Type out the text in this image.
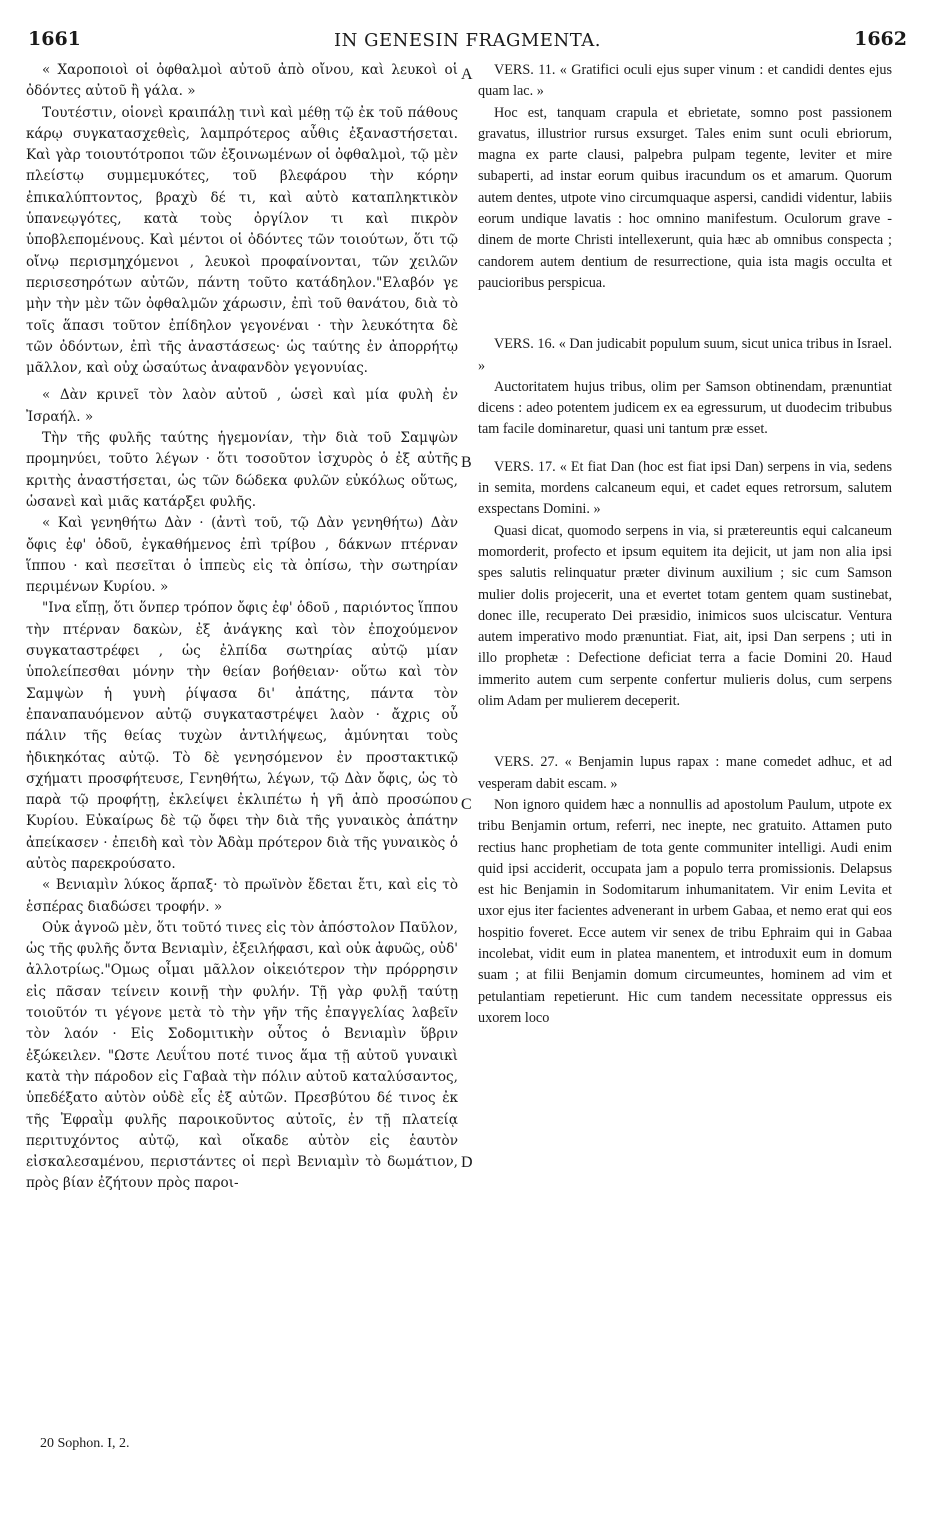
1661	IN GENESIN FRAGMENTA.	1662

« Χαροποιοὶ οἱ ὀφθαλμοὶ αὐτοῦ ἀπὸ οἴνου, καὶ λευκοὶ οἱ ὀδόντες αὐτοῦ ἢ γάλα. »

Τουτέστιν, οἱονεὶ κραιπάλῃ τινὶ καὶ μέθῃ τῷ ἐκ τοῦ πάθους κάρῳ συγκατασχεθεὶς, λαμπρότερος αὖθις ἐξαναστήσεται. Καὶ γὰρ τοιουτότροποι τῶν ἐξοινωμένων οἱ ὀφθαλμοὶ, τῷ μὲν πλείστῳ συμμεμυκότες, τοῦ βλεφάρου τὴν κόρην ἐπικαλύπτοντος, βραχὺ δέ τι, καὶ αὐτὸ καταπληκτικὸν ὑπανεῳγότες, κατὰ τοὺς ὀργίλον τι καὶ πικρὸν ὑποβλεπομένους. Καὶ μέντοι οἱ ὀδόντες τῶν τοιούτων, ὅτι τῷ οἴνῳ περισμηχόμενοι , λευκοὶ προφαίνονται, τῶν χειλῶν περισεσηρότων αὐτῶν, πάντη τοῦτο κατάδηλον."Ελαβόν γε μὴν τὴν μὲν τῶν ὀφθαλμῶν χάρωσιν, ἐπὶ τοῦ θανάτου, διὰ τὸ τοῖς ἅπασι τοῦτον ἐπίδηλον γεγονέναι · τὴν λευκότητα δὲ τῶν ὀδόντων, ἐπὶ τῆς ἀναστάσεως· ὡς ταύτης ἐν ἀπορρήτῳ μᾶλλον, καὶ οὐχ ὡσαύτως ἀναφανδὸν γεγονυίας.

« Δὰν κρινεῖ τὸν λαὸν αὐτοῦ , ὡσεὶ καὶ μία φυλὴ ἐν Ἰσραήλ. »

Τὴν τῆς φυλῆς ταύτης ἡγεμονίαν, τὴν διὰ τοῦ Σαμψὼν προμηνύει, τοῦτο λέγων · ὅτι τοσοῦτον ἰσχυρὸς ὁ ἐξ αὐτῆς κριτὴς ἀναστήσεται, ὡς τῶν δώδεκα φυλῶν εὐκόλως οὕτως, ὡσανεὶ καὶ μιᾶς κατάρξει φυλῆς.

« Καὶ γενηθήτω Δὰν · (ἀντὶ τοῦ, τῷ Δὰν γενηθήτω) Δὰν ὄφις ἐφ' ὁδοῦ, ἐγκαθήμενος ἐπὶ τρίβου , δάκνων πτέρναν ἵππου · καὶ πεσεῖται ὁ ἱππεὺς εἰς τὰ ὀπίσω, τὴν σωτηρίαν περιμένων Κυρίου. »

"Ινα εἴπῃ, ὅτι ὅνπερ τρόπον ὄφις ἐφ' ὁδοῦ , παριόντος ἵππου τὴν πτέρναν δακὼν, ἐξ ἀνάγκης καὶ τὸν ἐποχούμενον συγκαταστρέφει , ὡς ἐλπίδα σωτηρίας αὐτῷ μίαν ὑπολείπεσθαι μόνην τὴν θείαν βοήθειαν· οὕτω καὶ τὸν Σαμψὼν ἡ γυνὴ ῥίψασα δι' ἀπάτης, πάντα τὸν ἐπαναπαυόμενον αὐτῷ συγκαταστρέψει λαὸν · ἄχρις οὗ πάλιν τῆς θείας τυχὼν ἀντιλήψεως, ἀμύνηται τοὺς ἠδικηκότας αὐτῷ. Τὸ δὲ γενησόμενον ἐν προστακτικῷ σχήματι προσφήτευσε, Γενηθήτω, λέγων, τῷ Δὰν ὄφις, ὡς τὸ παρὰ τῷ προφήτῃ, ἐκλείψει ἐκλιπέτω ἡ γῆ ἀπὸ προσώπου Κυρίου. Εὐκαίρως δὲ τῷ ὄφει τὴν διὰ τῆς γυναικὸς ἀπάτην ἀπείκασεν · ἐπειδὴ καὶ τὸν Ἀδὰμ πρότερον διὰ τῆς γυναικὸς ὁ αὐτὸς παρεκρούσατο.

« Βενιαμὶν λύκος ἅρπαξ· τὸ πρωϊνὸν ἔδεται ἔτι, καὶ εἰς τὸ ἑσπέρας διαδώσει τροφήν. »

Οὐκ ἀγνοῶ μὲν, ὅτι τοῦτό τινες εἰς τὸν ἀπόστολον Παῦλον, ὡς τῆς φυλῆς ὄντα Βενιαμὶν, ἐξειλήφασι, καὶ οὐκ ἀφυῶς, οὐδ' ἀλλοτρίως."Ομως οἶμαι μᾶλλον οἰκειότερον τὴν πρόρρησιν εἰς πᾶσαν τείνειν κοινῇ τὴν φυλήν. Τῇ γὰρ φυλῇ ταύτῃ τοιοῦτόν τι γέγονε μετὰ τὸ τὴν γῆν τῆς ἐπαγγελίας λαβεῖν τὸν λαόν · Εἰς Σοδομιτικὴν οὗτος ὁ Βενιαμὶν ὕβριν ἐξώκειλεν. "Ωστε Λευΐτου ποτέ τινος ἅμα τῇ αὐτοῦ γυναικὶ κατὰ τὴν πάροδον εἰς Γαβαὰ τὴν πόλιν αὐτοῦ καταλύσαντος, ὑπεδέξατο αὐτὸν οὐδὲ εἷς ἐξ αὐτῶν. Πρεσβύτου δέ τινος ἐκ τῆς Ἐφραῒμ φυλῆς παροικοῦντος αὐτοῖς, ἐν τῇ πλατείᾳ περιτυχόντος αὐτῷ, καὶ οἴκαδε αὐτὸν εἰς ἑαυτὸν εἰσκαλεσαμένου, περιστάντες οἱ περὶ Βενιαμὶν τὸ δωμάτιον, πρὸς βίαν ἐζήτουν πρὸς παροι-

VERS. 11. « Gratifici oculi ejus super vinum : et candidi dentes ejus quam lac. »

Hoc est, tanquam crapula et ebrietate, somno post passionem gravatus, illustrior rursus exsurget. Tales enim sunt oculi ebriorum, magna ex parte clausi, palpebra pulpam tegente, leviter et mire subaperti, ad instar eorum quibus iracundum os et amarum. Quorum autem dentes, utpote vino circumquaque aspersi, candidi videntur, labiis eorum undique lavatis : hoc omnino manifestum. Oculorum grave - dinem de morte Christi intellexerunt, quia hæc ab omnibus conspecta ; candorem autem dentium de resurrectione, quia ista magis occulta et paucioribus perspicua.

VERS. 16. « Dan judicabit populum suum, sicut unica tribus in Israel. »

Auctoritatem hujus tribus, olim per Samson obtinendam, prænuntiat dicens : adeo potentem judicem ex ea egressurum, ut duodecim tribubus tam facile dominaretur, quasi uni tantum præ esset.

VERS. 17. « Et fiat Dan (hoc est fiat ipsi Dan) serpens in via, sedens in semita, mordens calcaneum equi, et cadet eques retrorsum, salutem exspectans Domini. »

Quasi dicat, quomodo serpens in via, si prætereuntis equi calcaneum momorderit, profecto et ipsum equitem ita dejicit, ut jam non alia ipsi spes salutis relinquatur præter divinum auxilium ; sic cum Samson mulier dolis projecerit, una et evertet totam gentem quam sustinebat, donec ille, recuperato Dei præsidio, inimicos suos ulciscatur. Ventura autem imperativo modo prænuntiat. Fiat, ait, ipsi Dan serpens ; uti in illo prophetæ : Defectione deficiat terra a facie Domini 20. Haud immerito autem cum serpente confertur mulieris dolus, cum serpens olim Adam per mulierem deceperit.

VERS. 27. « Benjamin lupus rapax : mane comedet adhuc, et ad vesperam dabit escam. »

Non ignoro quidem hæc a nonnullis ad apostolum Paulum, utpote ex tribu Benjamin ortum, referri, nec inepte, nec gratuito. Attamen puto rectius hanc prophetiam de tota gente communiter intelligi. Audi enim quid ipsi acciderit, occupata jam a populo terra promissionis. Delapsus est hic Benjamin in Sodomitarum inhumanitatem. Vir enim Levita et uxor ejus iter facientes advenerant in urbem Gabaa, et nemo erat qui eos hospitio foveret. Ecce autem vir senex de tribu Ephraim qui in Gabaa incolebat, vidit eum in platea manentem, et introduxit eum in domum suam ; at filii Benjamin domum circumeuntes, hominem ad vim et petulantiam repetierunt. Hic cum tandem necessitate oppressus eis uxorem loco

A
B
C
D
20 Sophon. I, 2.
